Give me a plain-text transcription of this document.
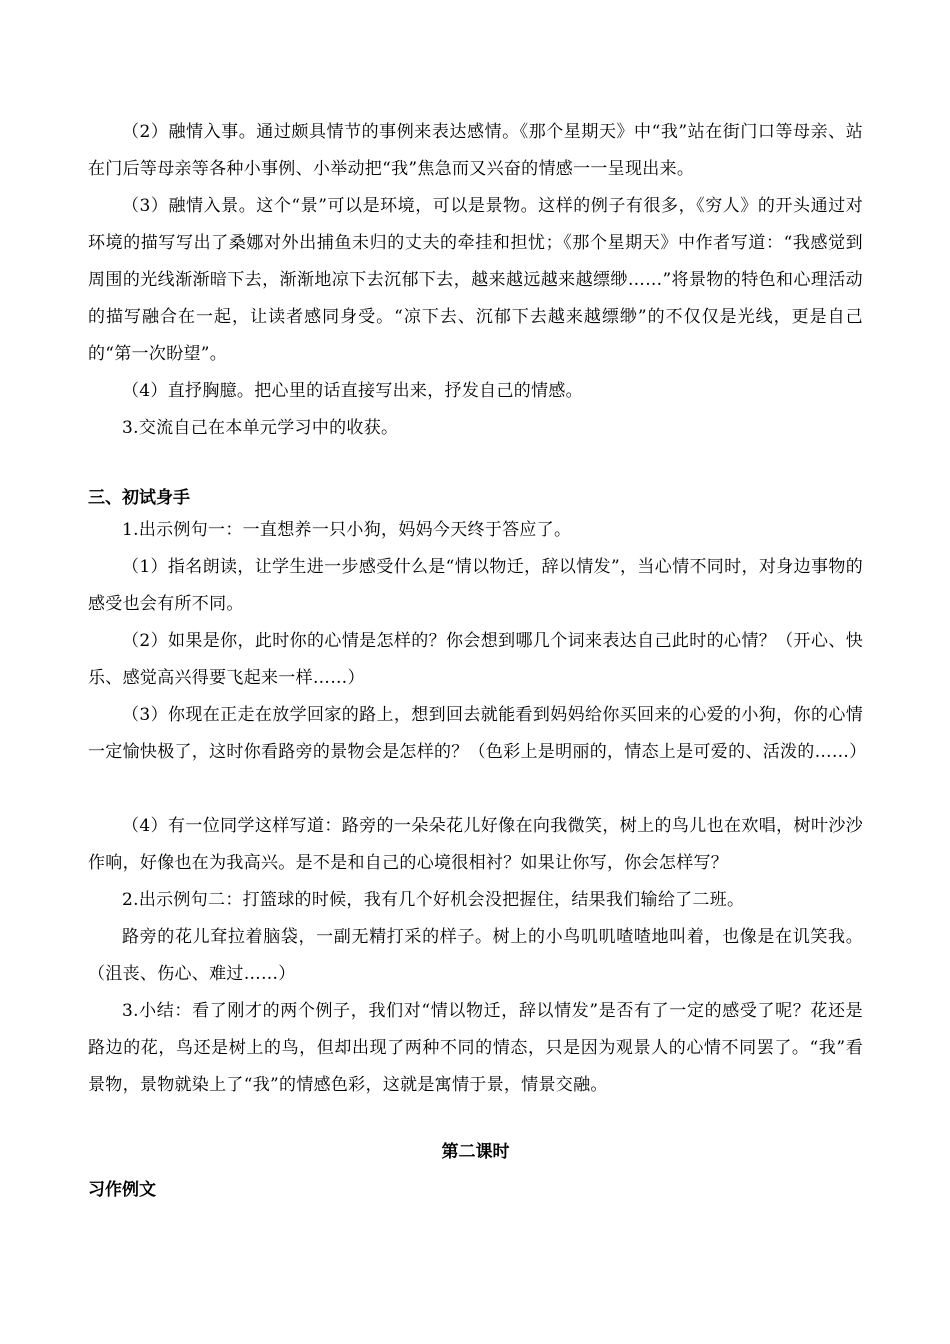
（2）融情入事。通过颇具情节的事例来表达感情。《那个星期天》中“我”站在街门口等母亲、站在门后等母亲等各种小事例、小举动把“我”焦急而又兴奋的情感一一呈现出来。

（3）融情入景。这个“景”可以是环境，可以是景物。这样的例子有很多，《穷人》的开头通过对环境的描写写出了桑娜对外出捕鱼未归的丈夫的牵挂和担忧；《那个星期天》中作者写道：“我感觉到周围的光线渐渐暗下去，渐渐地凉下去沉郁下去，越来越远越来越缥缈……”将景物的特色和心理活动的描写融合在一起，让读者感同身受。“凉下去、沉郁下去越来越缥缈”的不仅仅是光线，更是自己的“第一次盼望”。

（4）直抒胸臆。把心里的话直接写出来，抒发自己的情感。

3.交流自己在本单元学习中的收获。

三、初试身手

1.出示例句一：一直想养一只小狗，妈妈今天终于答应了。

（1）指名朗读，让学生进一步感受什么是“情以物迁，辞以情发”，当心情不同时，对身边事物的感受也会有所不同。

（2）如果是你，此时你的心情是怎样的？你会想到哪几个词来表达自己此时的心情？（开心、快乐、感觉高兴得要飞起来一样……）

（3）你现在正走在放学回家的路上，想到回去就能看到妈妈给你买回来的心爱的小狗，你的心情一定愉快极了，这时你看路旁的景物会是怎样的？（色彩上是明丽的，情态上是可爱的、活泼的……）

（4）有一位同学这样写道：路旁的一朵朵花儿好像在向我微笑，树上的鸟儿也在欢唱，树叶沙沙作响，好像也在为我高兴。是不是和自己的心境很相衬？如果让你写，你会怎样写？

2.出示例句二：打篮球的时候，我有几个好机会没把握住，结果我们输给了二班。

路旁的花儿耷拉着脑袋，一副无精打采的样子。树上的小鸟叽叽喳喳地叫着，也像是在讥笑我。（沮丧、伤心、难过……）

3.小结：看了刚才的两个例子，我们对“情以物迁，辞以情发”是否有了一定的感受了呢？花还是路边的花，鸟还是树上的鸟，但却出现了两种不同的情态，只是因为观景人的心情不同罢了。“我”看景物，景物就染上了“我”的情感色彩，这就是寓情于景，情景交融。

第二课时
习作例文
